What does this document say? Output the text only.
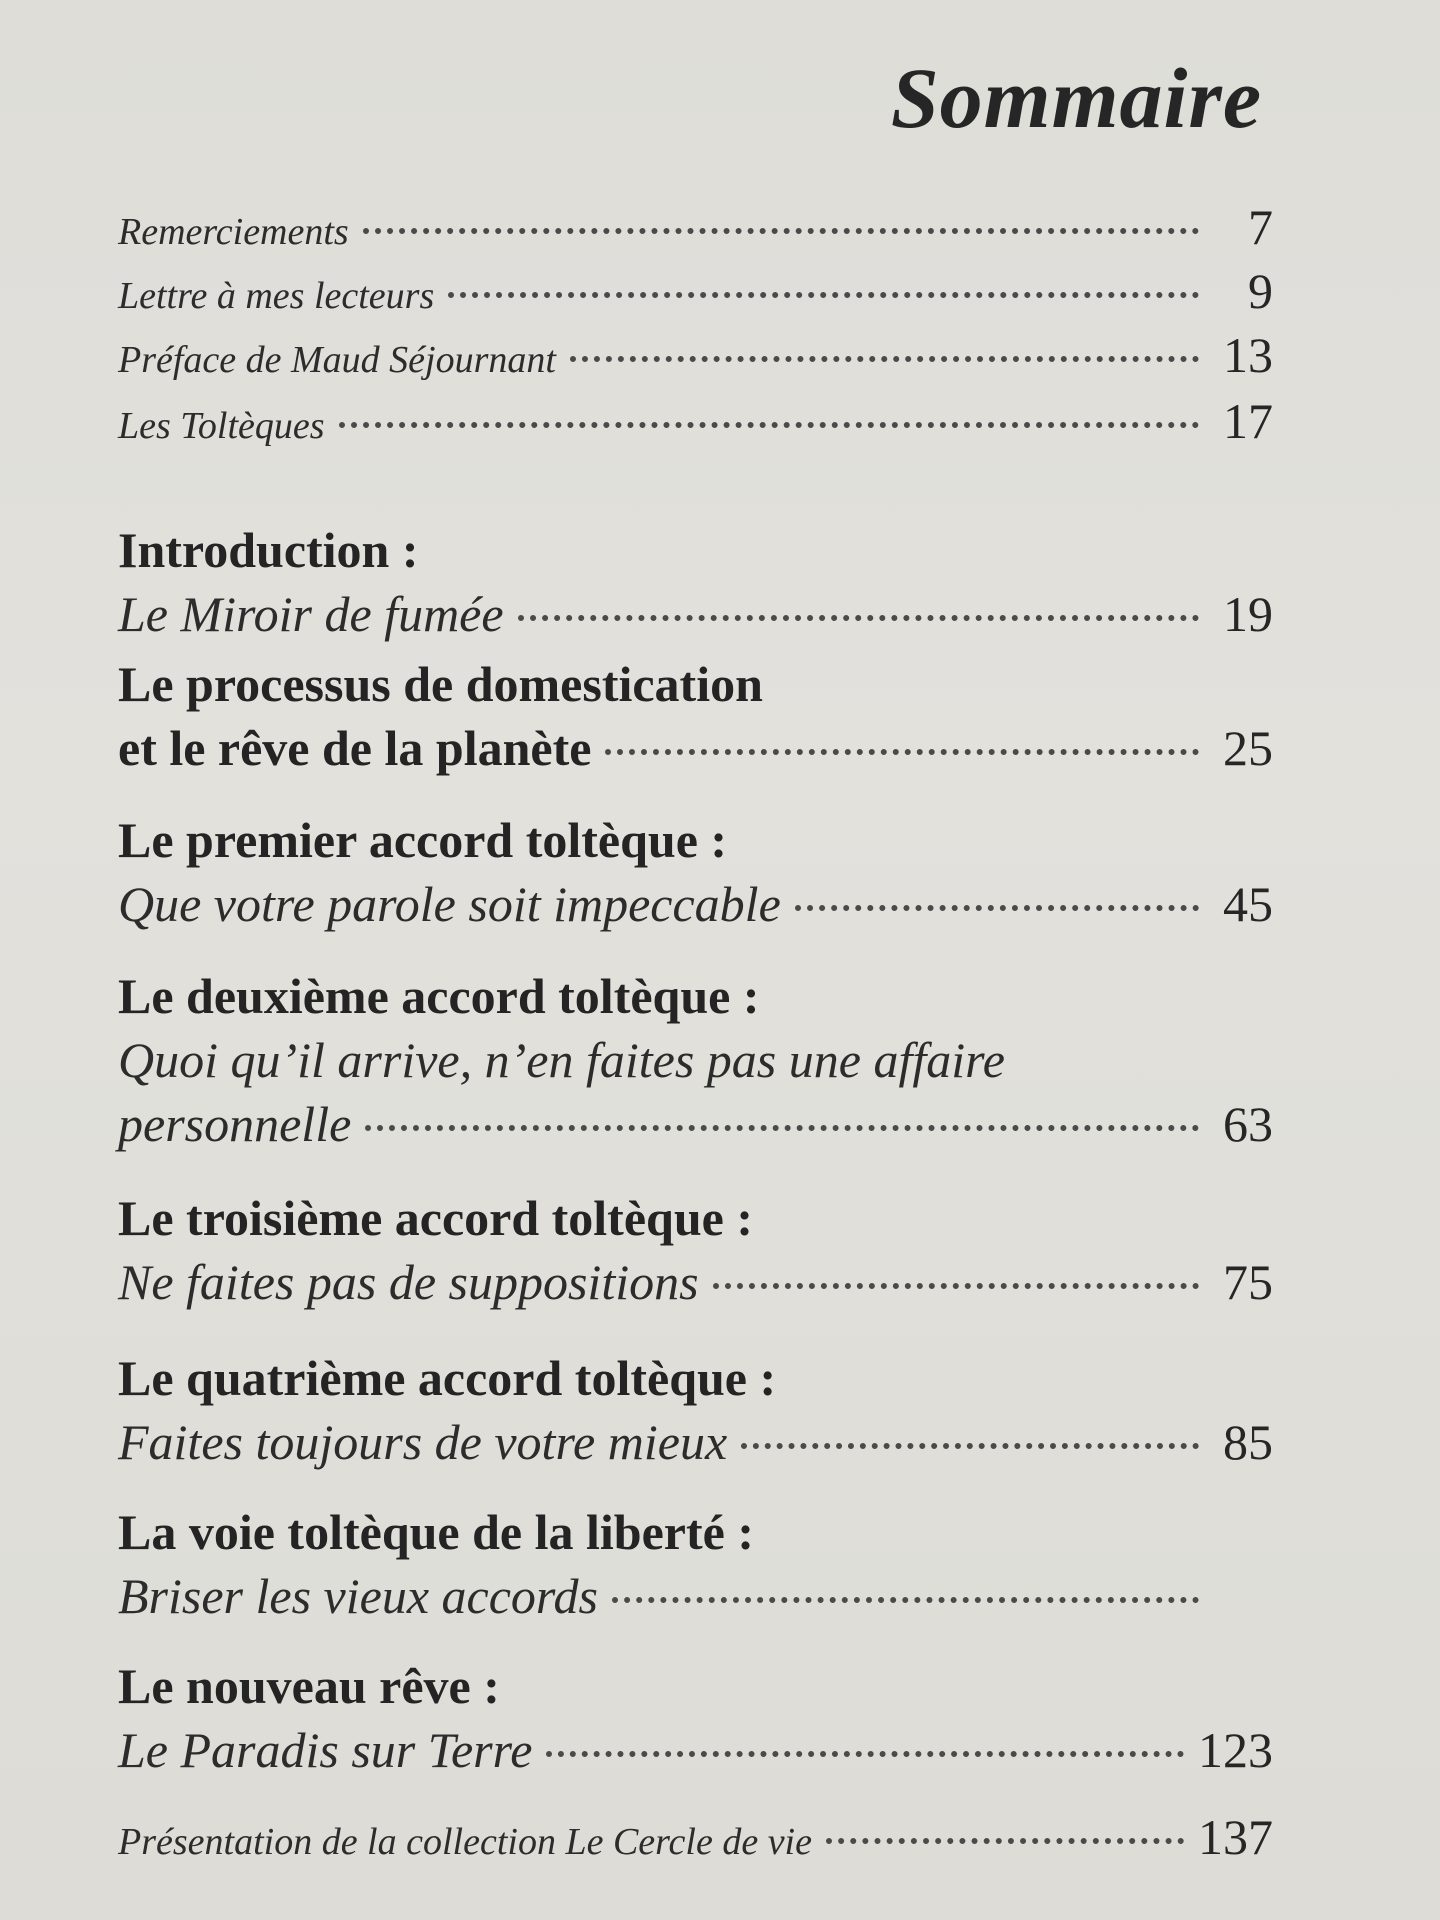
Sommaire
Remerciements	7
Lettre à mes lecteurs	9
Préface de Maud Séjournant	13
Les Toltèques	17
Introduction :
Le Miroir de fumée	19
Le processus de domestication
et le rêve de la planète	25
Le premier accord toltèque :
Que votre parole soit impeccable	45
Le deuxième accord toltèque :
Quoi qu’il arrive, n’en faites pas une affaire
personnelle	63
Le troisième accord toltèque :
Ne faites pas de suppositions	75
Le quatrième accord toltèque :
Faites toujours de votre mieux	85
La voie toltèque de la liberté :
Briser les vieux accords
Le nouveau rêve :
Le Paradis sur Terre	123
Présentation de la collection Le Cercle de vie	137
